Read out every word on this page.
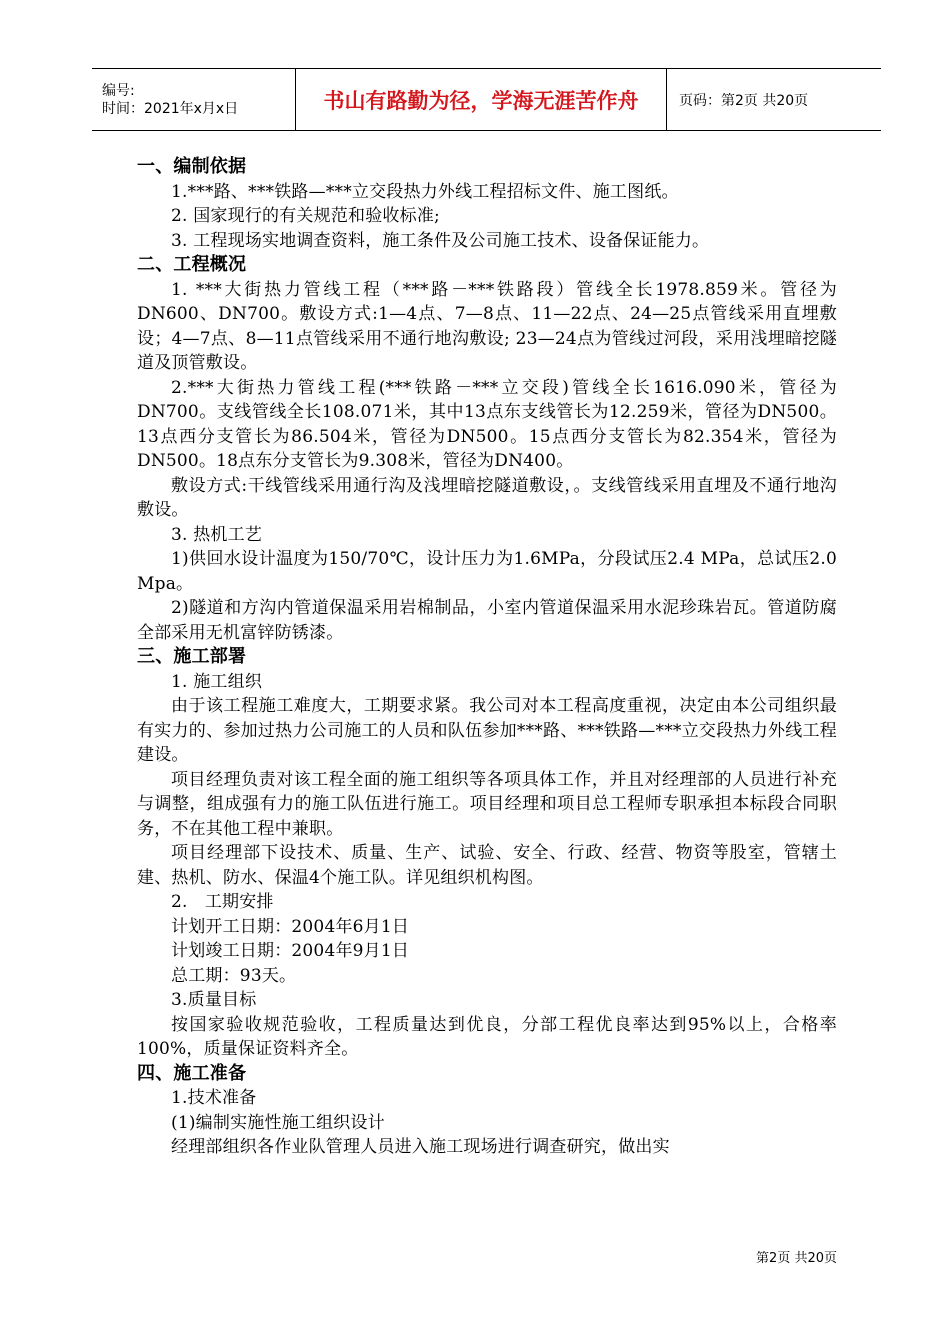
编号:
时间：2021年x月x日	书山有路勤为径，学海无涯苦作舟	页码：第2页 共20页

一、编制依据

1.***路、***铁路—***立交段热力外线工程招标文件、施工图纸。

2. 国家现行的有关规范和验收标准;

3. 工程现场实地调查资料，施工条件及公司施工技术、设备保证能力。

二、工程概况

1. ***大街热力管线工程（***路－***铁路段）管线全长1978.859米。管径为DN600、DN700。敷设方式:1—4点、7—8点、11—22点、24—25点管线采用直埋敷设；4—7点、8—11点管线采用不通行地沟敷设; 23—24点为管线过河段，采用浅埋暗挖隧道及顶管敷设。

2.***大街热力管线工程(***铁路－***立交段)管线全长1616.090米，管径为DN700。支线管线全长108.071米，其中13点东支线管长为12.259米，管径为DN500。13点西分支管长为86.504米，管径为DN500。15点西分支管长为82.354米，管径为DN500。18点东分支管长为9.308米，管径为DN400。

敷设方式:干线管线采用通行沟及浅埋暗挖隧道敷设，。支线管线采用直埋及不通行地沟敷设。

3. 热机工艺

1)供回水设计温度为150/70℃，设计压力为1.6MPa，分段试压2.4 MPa，总试压2.0 Mpa。

2)隧道和方沟内管道保温采用岩棉制品，小室内管道保温采用水泥珍珠岩瓦。管道防腐全部采用无机富锌防锈漆。

三、施工部署

1. 施工组织

由于该工程施工难度大，工期要求紧。我公司对本工程高度重视，决定由本公司组织最有实力的、参加过热力公司施工的人员和队伍参加***路、***铁路—***立交段热力外线工程建设。

项目经理负责对该工程全面的施工组织等各项具体工作，并且对经理部的人员进行补充与调整，组成强有力的施工队伍进行施工。项目经理和项目总工程师专职承担本标段合同职务，不在其他工程中兼职。

项目经理部下设技术、质量、生产、试验、安全、行政、经营、物资等股室，管辖土建、热机、防水、保温4个施工队。详见组织机构图。

2.　工期安排

计划开工日期：2004年6月1日

计划竣工日期：2004年9月1日

总工期：93天。

3.质量目标

按国家验收规范验收，工程质量达到优良，分部工程优良率达到95%以上，合格率100%，质量保证资料齐全。

四、施工准备

1.技术准备

(1)编制实施性施工组织设计

经理部组织各作业队管理人员进入施工现场进行调查研究，做出实

第2页 共20页
